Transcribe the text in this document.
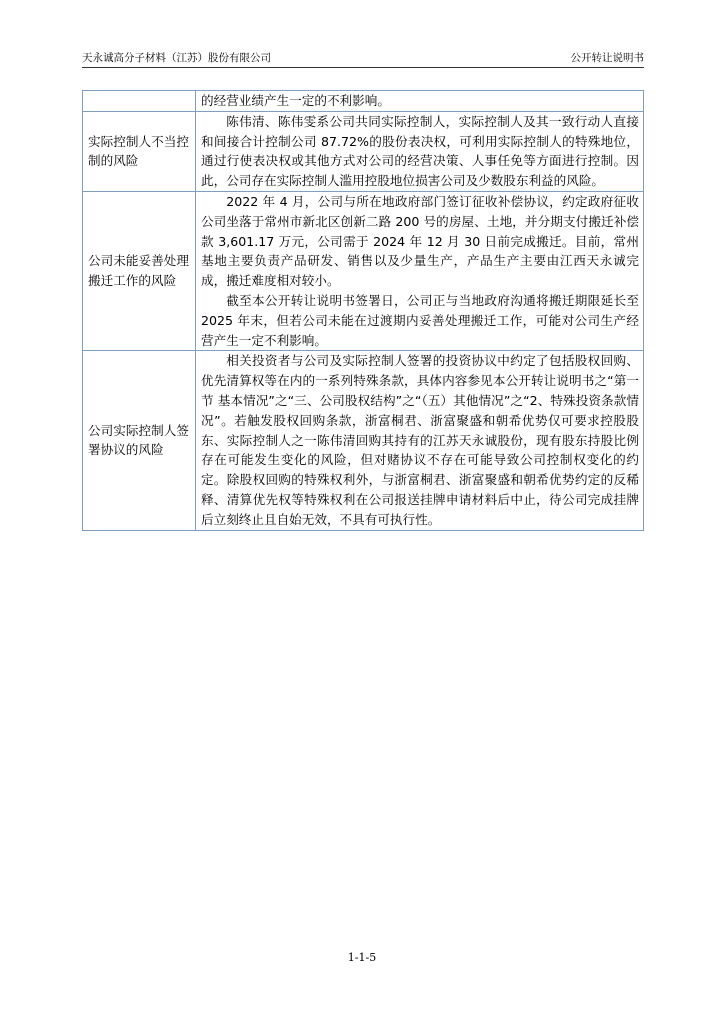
天永诚高分子材料（江苏）股份有限公司	公开转让说明书

	的经营业绩产生一定的不利影响。

实际控制人不当控制的风险	陈伟清、陈伟雯系公司共同实际控制人，实际控制人及其一致行动人直接和间接合计控制公司 87.72%的股份表决权，可利用实际控制人的特殊地位，通过行使表决权或其他方式对公司的经营决策、人事任免等方面进行控制。因此，公司存在实际控制人滥用控股地位损害公司及少数股东利益的风险。

公司未能妥善处理搬迁工作的风险	2022 年 4 月，公司与所在地政府部门签订征收补偿协议，约定政府征收公司坐落于常州市新北区创新二路 200 号的房屋、土地，并分期支付搬迁补偿款 3,601.17 万元，公司需于 2024 年 12 月 30 日前完成搬迁。目前，常州基地主要负责产品研发、销售以及少量生产，产品生产主要由江西天永诚完成，搬迁难度相对较小。

截至本公开转让说明书签署日，公司正与当地政府沟通将搬迁期限延长至 2025 年末，但若公司未能在过渡期内妥善处理搬迁工作，可能对公司生产经营产生一定不利影响。

公司实际控制人签署协议的风险	相关投资者与公司及实际控制人签署的投资协议中约定了包括股权回购、优先清算权等在内的一系列特殊条款，具体内容参见本公开转让说明书之“第一节 基本情况”之“三、公司股权结构”之“（五）其他情况”之“2、特殊投资条款情况”。若触发股权回购条款，浙富桐君、浙富聚盛和朝希优势仅可要求控股股东、实际控制人之一陈伟清回购其持有的江苏天永诚股份，现有股东持股比例存在可能发生变化的风险，但对赌协议不存在可能导致公司控制权变化的约定。除股权回购的特殊权利外，与浙富桐君、浙富聚盛和朝希优势约定的反稀释、清算优先权等特殊权利在公司报送挂牌申请材料后中止，待公司完成挂牌后立刻终止且自始无效，不具有可执行性。

1-1-5
